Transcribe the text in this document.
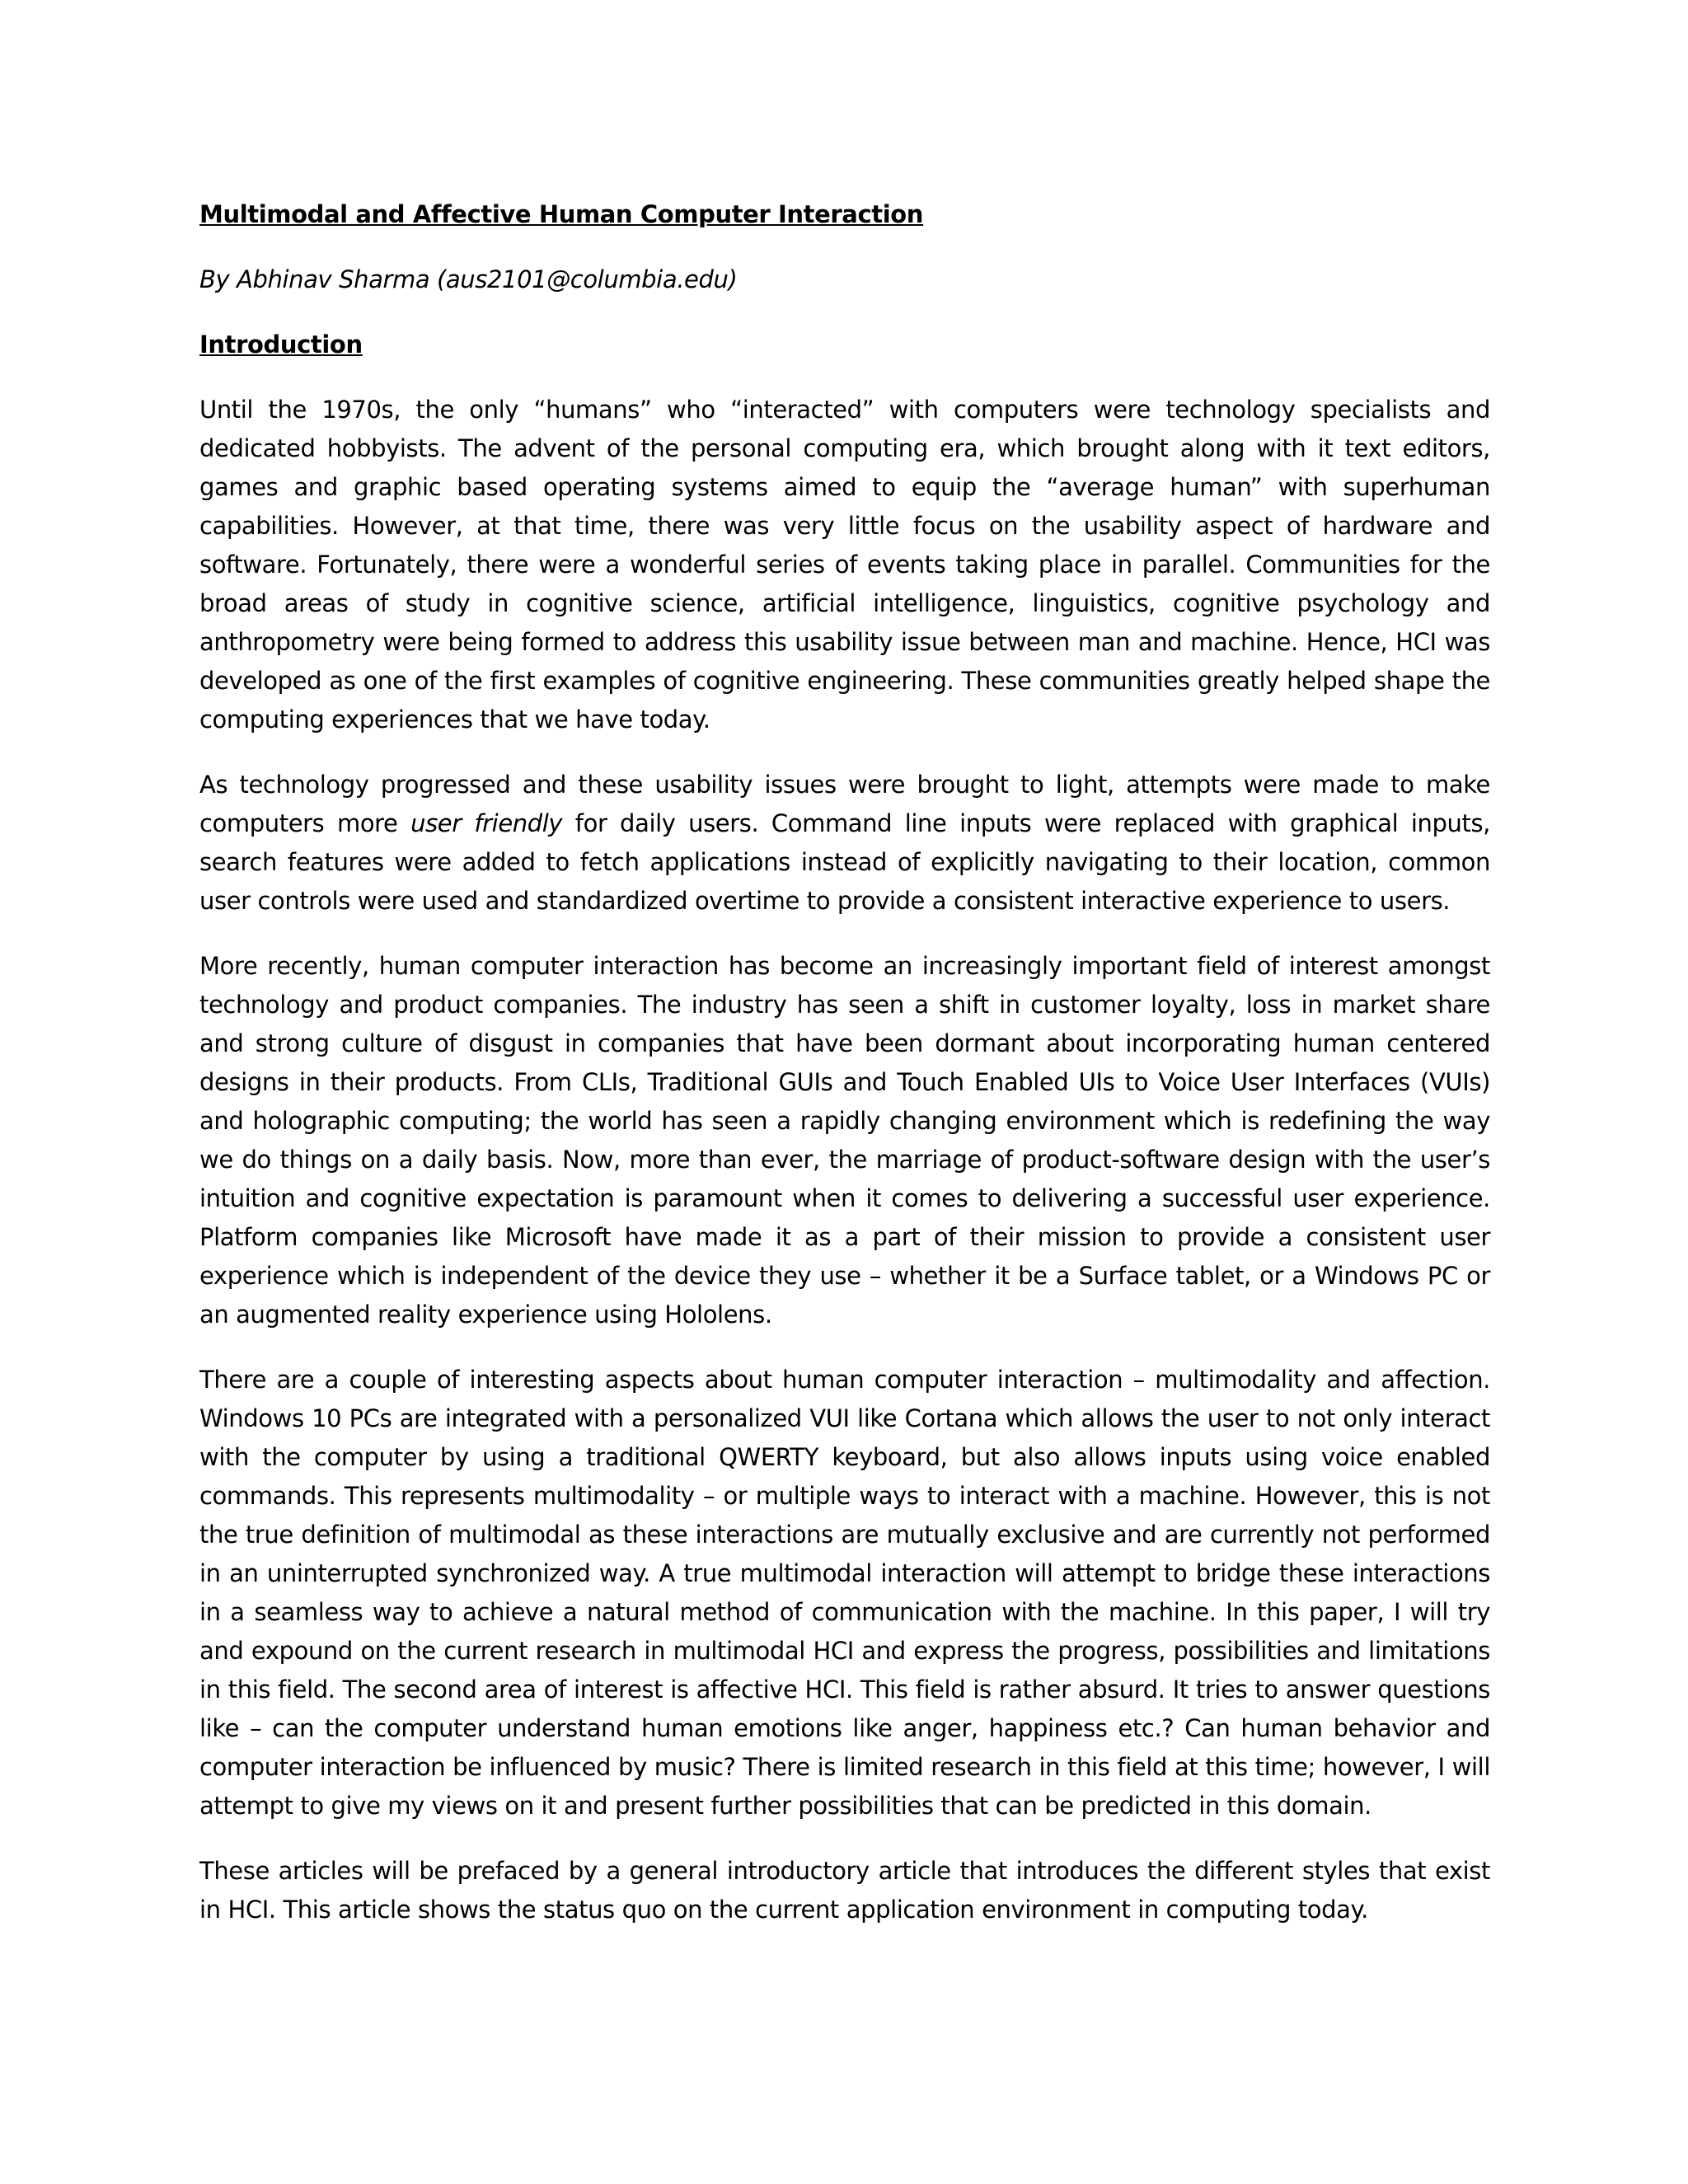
Multimodal and Affective Human Computer Interaction
By Abhinav Sharma (aus2101@columbia.edu)
Introduction

Until the 1970s, the only “humans” who “interacted” with computers were technology specialists and dedicated hobbyists. The advent of the personal computing era, which brought along with it text editors, games and graphic based operating systems aimed to equip the “average human” with superhuman capabilities. However, at that time, there was very little focus on the usability aspect of hardware and software. Fortunately, there were a wonderful series of events taking place in parallel. Communities for the broad areas of study in cognitive science, artificial intelligence, linguistics, cognitive psychology and anthropometry were being formed to address this usability issue between man and machine. Hence, HCI was developed as one of the first examples of cognitive engineering. These communities greatly helped shape the computing experiences that we have today.

As technology progressed and these usability issues were brought to light, attempts were made to make computers more user friendly for daily users. Command line inputs were replaced with graphical inputs, search features were added to fetch applications instead of explicitly navigating to their location, common user controls were used and standardized overtime to provide a consistent interactive experience to users.

More recently, human computer interaction has become an increasingly important field of interest amongst technology and product companies. The industry has seen a shift in customer loyalty, loss in market share and strong culture of disgust in companies that have been dormant about incorporating human centered designs in their products. From CLIs, Traditional GUIs and Touch Enabled UIs to Voice User Interfaces (VUIs) and holographic computing; the world has seen a rapidly changing environment which is redefining the way we do things on a daily basis. Now, more than ever, the marriage of product-software design with the user’s intuition and cognitive expectation is paramount when it comes to delivering a successful user experience. Platform companies like Microsoft have made it as a part of their mission to provide a consistent user experience which is independent of the device they use – whether it be a Surface tablet, or a Windows PC or an augmented reality experience using Hololens.

There are a couple of interesting aspects about human computer interaction – multimodality and affection. Windows 10 PCs are integrated with a personalized VUI like Cortana which allows the user to not only interact with the computer by using a traditional QWERTY keyboard, but also allows inputs using voice enabled commands. This represents multimodality – or multiple ways to interact with a machine. However, this is not the true definition of multimodal as these interactions are mutually exclusive and are currently not performed in an uninterrupted synchronized way. A true multimodal interaction will attempt to bridge these interactions in a seamless way to achieve a natural method of communication with the machine. In this paper, I will try and expound on the current research in multimodal HCI and express the progress, possibilities and limitations in this field. The second area of interest is affective HCI. This field is rather absurd. It tries to answer questions like – can the computer understand human emotions like anger, happiness etc.? Can human behavior and computer interaction be influenced by music? There is limited research in this field at this time; however, I will attempt to give my views on it and present further possibilities that can be predicted in this domain.

These articles will be prefaced by a general introductory article that introduces the different styles that exist in HCI. This article shows the status quo on the current application environment in computing today.
